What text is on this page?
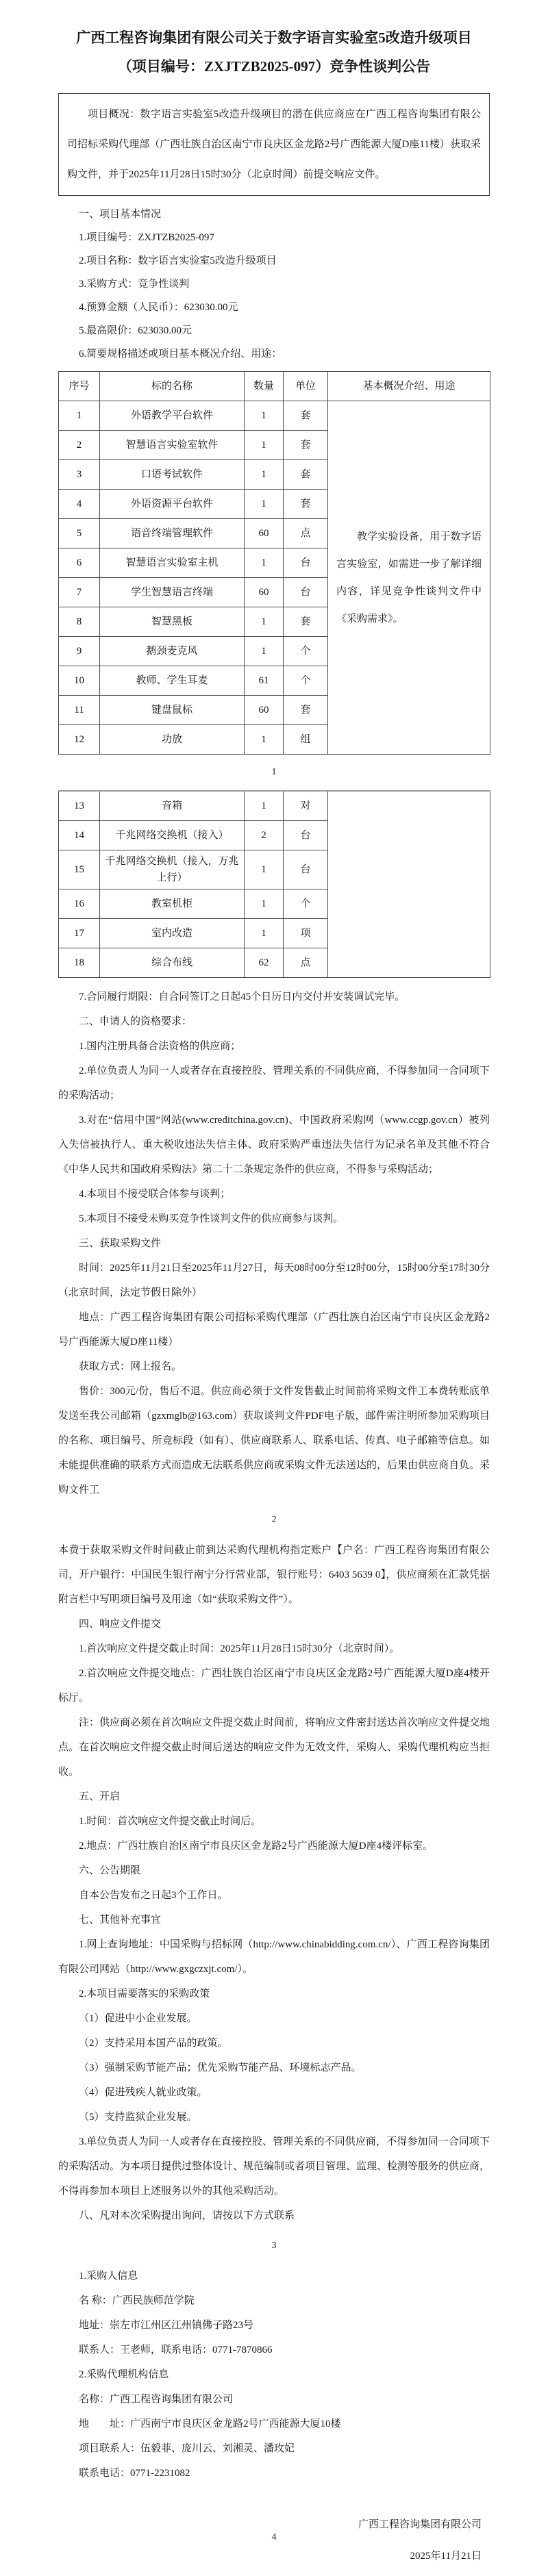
广西工程咨询集团有限公司关于数字语言实验室5改造升级项目
（项目编号：ZXJTZB2025-097）竞争性谈判公告
项目概况：数字语言实验室5改造升级项目的潜在供应商应在广西工程咨询集团有限公司招标采购代理部（广西壮族自治区南宁市良庆区金龙路2号广西能源大厦D座11楼）获取采购文件，并于2025年11月28日15时30分（北京时间）前提交响应文件。
一、项目基本情况
1.项目编号：ZXJTZB2025-097
2.项目名称：数字语言实验室5改造升级项目
3.采购方式：竞争性谈判
4.预算金额（人民币）：623030.00元
5.最高限价：623030.00元
6.简要规格描述或项目基本概况介绍、用途：
序号	标的名称	数量	单位	基本概况介绍、用途
1	外语教学平台软件	1	套	教学实验设备，用于数字语言实验室，如需进一步了解详细内容，详见竞争性谈判文件中《采购需求》。
2	智慧语言实验室软件	1	套	
3	口语考试软件	1	套	
4	外语资源平台软件	1	套	
5	语音终端管理软件	60	点	
6	智慧语言实验室主机	1	台	
7	学生智慧语言终端	60	台	
8	智慧黑板	1	套	
9	鹅颈麦克风	1	个	
10	教师、学生耳麦	61	个	
11	键盘鼠标	60	套	
12	功放	1	组	
1
13	音箱	1	对	
14	千兆网络交换机（接入）	2	台	
15	千兆网络交换机（接入，万兆上行）	1	台	
16	教室机柜	1	个	
17	室内改造	1	项	
18	综合布线	62	点	
7.合同履行期限：自合同签订之日起45个日历日内交付并安装调试完毕。
二、申请人的资格要求：
1.国内注册具备合法资格的供应商；
2.单位负责人为同一人或者存在直接控股、管理关系的不同供应商，不得参加同一合同项下的采购活动；
3.对在“信用中国”网站(www.creditchina.gov.cn)、中国政府采购网（www.ccgp.gov.cn）被列入失信被执行人、重大税收违法失信主体、政府采购严重违法失信行为记录名单及其他不符合《中华人民共和国政府采购法》第二十二条规定条件的供应商，不得参与采购活动；
4.本项目不接受联合体参与谈判；
5.本项目不接受未购买竞争性谈判文件的供应商参与谈判。
三、获取采购文件
时间：2025年11月21日至2025年11月27日，每天08时00分至12时00分，15时00分至17时30分（北京时间，法定节假日除外）
地点：广西工程咨询集团有限公司招标采购代理部（广西壮族自治区南宁市良庆区金龙路2号广西能源大厦D座11楼）
获取方式：网上报名。
售价：300元/份，售后不退。供应商必须于文件发售截止时间前将采购文件工本费转账底单发送至我公司邮箱（gzxmglb@163.com）获取谈判文件PDF电子版，邮件需注明所参加采购项目的名称、项目编号、所竞标段（如有）、供应商联系人、联系电话、传真、电子邮箱等信息。如未能提供准确的联系方式而造成无法联系供应商或采购文件无法送达的，后果由供应商自负。采购文件工
2
本费于获取采购文件时间截止前到达采购代理机构指定账户【户名：广西工程咨询集团有限公司，开户银行：中国民生银行南宁分行营业部，银行账号：6403 5639 0】，供应商须在汇款凭据附言栏中写明项目编号及用途（如“获取采购文件”）。
四、响应文件提交
1.首次响应文件提交截止时间：2025年11月28日15时30分（北京时间）。
2.首次响应文件提交地点：广西壮族自治区南宁市良庆区金龙路2号广西能源大厦D座4楼开标厅。
注：供应商必须在首次响应文件提交截止时间前，将响应文件密封送达首次响应文件提交地点。在首次响应文件提交截止时间后送达的响应文件为无效文件，采购人、采购代理机构应当拒收。
五、开启
1.时间：首次响应文件提交截止时间后。
2.地点：广西壮族自治区南宁市良庆区金龙路2号广西能源大厦D座4楼评标室。
六、公告期限
自本公告发布之日起3个工作日。
七、其他补充事宜
1.网上查询地址：中国采购与招标网（http://www.chinabidding.com.cn/）、广西工程咨询集团有限公司网站（http://www.gxgczxjt.com/）。
2.本项目需要落实的采购政策
（1）促进中小企业发展。
（2）支持采用本国产品的政策。
（3）强制采购节能产品；优先采购节能产品、环境标志产品。
（4）促进残疾人就业政策。
（5）支持监狱企业发展。
3.单位负责人为同一人或者存在直接控股、管理关系的不同供应商，不得参加同一合同项下的采购活动。为本项目提供过整体设计、规范编制或者项目管理、监理、检测等服务的供应商，不得再参加本项目上述服务以外的其他采购活动。
八、凡对本次采购提出询问，请按以下方式联系
3
1.采购人信息
名 称：广西民族师范学院
地址：崇左市江州区江州镇佛子路23号
联系人：王老师，联系电话：0771-7870866
2.采购代理机构信息
名称：广西工程咨询集团有限公司
地　　址：广西南宁市良庆区金龙路2号广西能源大厦10楼
项目联系人：伍毅菲、庞川云、刘湘灵、潘玫妃
联系电话：0771-2231082
广西工程咨询集团有限公司
2025年11月21日
4
